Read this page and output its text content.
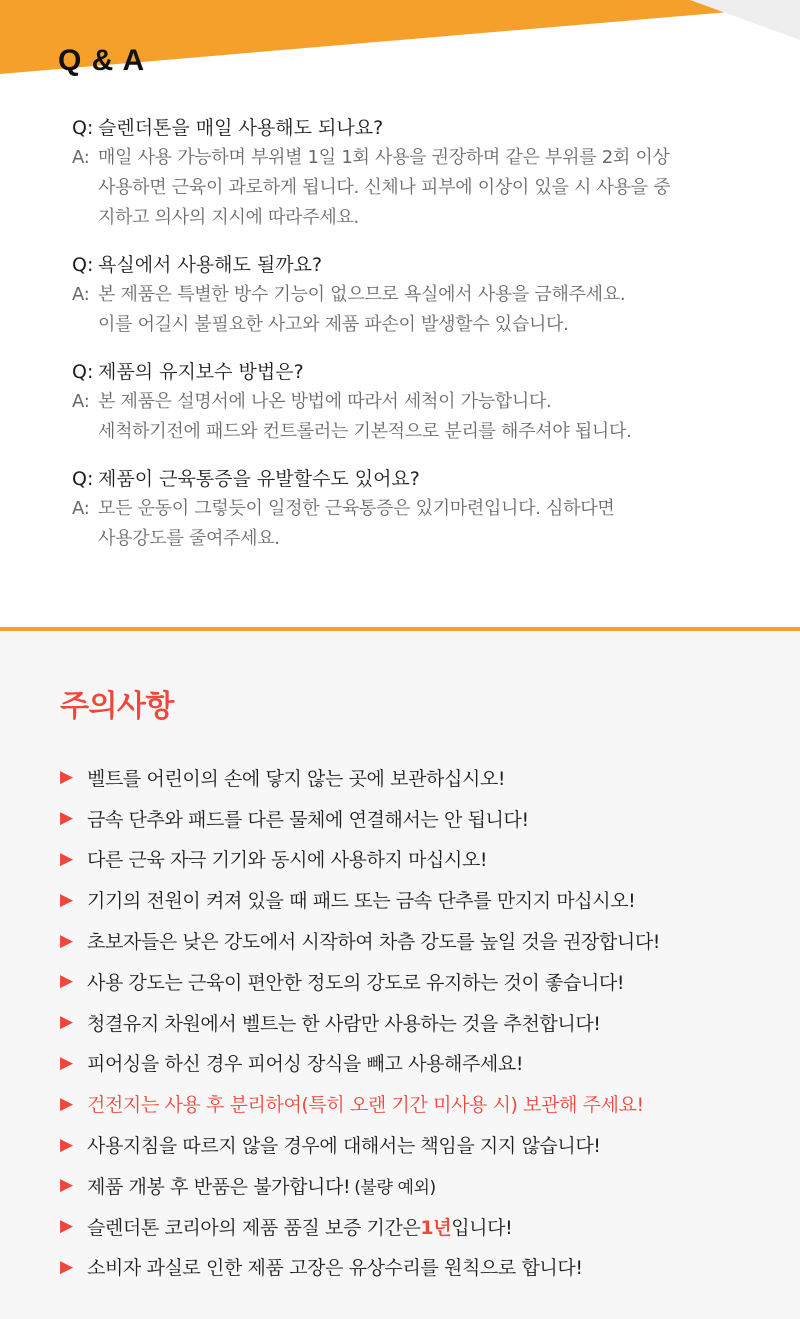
Q & A
Q: 슬렌더톤을 매일 사용해도 되나요?
A: 매일 사용 가능하며 부위별 1일 1회 사용을 권장하며 같은 부위를 2회 이상
사용하면 근육이 과로하게 됩니다. 신체나 피부에 이상이 있을 시 사용을 중
지하고 의사의 지시에 따라주세요.
Q: 욕실에서 사용해도 될까요?
A: 본 제품은 특별한 방수 기능이 없으므로 욕실에서 사용을 금해주세요.
이를 어길시 불필요한 사고와 제품 파손이 발생할수 있습니다.
Q: 제품의 유지보수 방법은?
A: 본 제품은 설명서에 나온 방법에 따라서 세척이 가능합니다.
세척하기전에 패드와 컨트롤러는 기본적으로 분리를 해주셔야 됩니다.
Q: 제품이 근육통증을 유발할수도 있어요?
A: 모든 운동이 그렇듯이 일정한 근육통증은 있기마련입니다. 심하다면
사용강도를 줄여주세요.
주의사항
▶ 벨트를 어린이의 손에 닿지 않는 곳에 보관하십시오!
▶ 금속 단추와 패드를 다른 물체에 연결해서는 안 됩니다!
▶ 다른 근육 자극 기기와 동시에 사용하지 마십시오!
▶ 기기의 전원이 켜져 있을 때 패드 또는 금속 단추를 만지지 마십시오!
▶ 초보자들은 낮은 강도에서 시작하여 차츰 강도를 높일 것을 권장합니다!
▶ 사용 강도는 근육이 편안한 정도의 강도로 유지하는 것이 좋습니다!
▶ 청결유지 차원에서 벨트는 한 사람만 사용하는 것을 추천합니다!
▶ 피어싱을 하신 경우 피어싱 장식을 빼고 사용해주세요!
▶ 건전지는 사용 후 분리하여(특히 오랜 기간 미사용 시) 보관해 주세요!
▶ 사용지침을 따르지 않을 경우에 대해서는 책임을 지지 않습니다!
▶ 제품 개봉 후 반품은 불가합니다! (불량 예외)
▶ 슬렌더톤 코리아의 제품 품질 보증 기간은 1년 입니다!
▶ 소비자 과실로 인한 제품 고장은 유상수리를 원칙으로 합니다!
